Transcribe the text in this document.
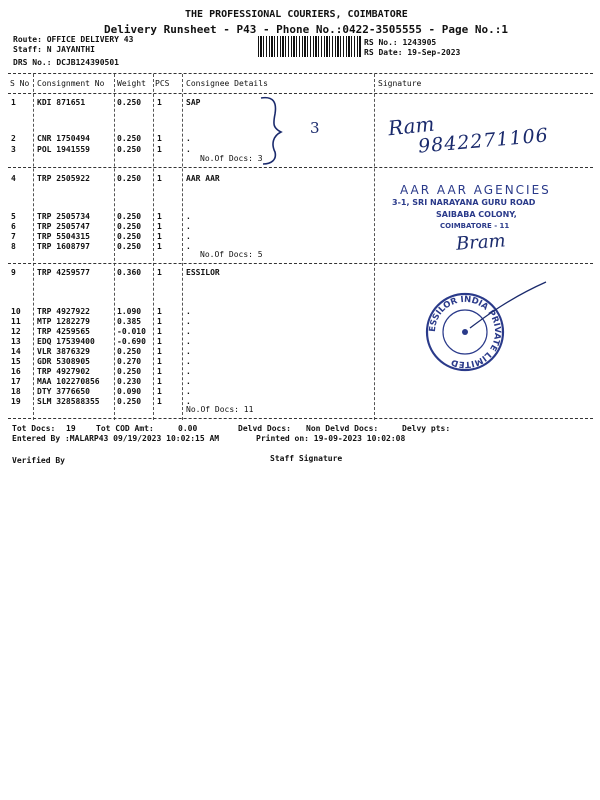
THE PROFESSIONAL COURIERS, COIMBATORE
Delivery Runsheet - P43 - Phone No.:0422-3505555 - Page No.:1
Route: OFFICE DELIVERY 43
Staff: N JAYANTHI
DRS No.: DCJB124390501
RS No.: 1243905
RS Date: 19-Sep-2023
S No Consignment No Weight PCS Consignee Details	Signature
1	KDI 871651	0.250 1	SAP
2	CNR 1750494	0.250 1	.
3	POL 1941559	0.250 1	.
4	TRP 2505922	0.250 1	AAR AAR
5	TRP 2505734	0.250 1	.
6	TRP 2505747	0.250 1	.
7	TRP 5504315	0.250 1	.
8	TRP 1608797	0.250 1	.
9	TRP 4259577	0.360 1	ESSILOR
10 TRP 4927922	1.090 1	.
11 MTP 1282279	0.385 1	.
12 TRP 4259565	-0.010 1	.
13 EDQ 17539400	-0.690 1	.
14 VLR 3876329	0.250 1	.
15 GDR 5308905	0.270 1	.
16 TRP 4927902	0.250 1	.
17 MAA 102270856 0.230 1	.
18 DTY 3776650	0.090 1	.
19 SLM 328588355 0.250 1	.
No.Of Docs: 3
No.Of Docs: 5
No.Of Docs: 11
Tot Docs: 19	Tot COD Amt:	0.00	Delvd Docs: Non Delvd Docs:	Delvy pts:
Entered By :MALARP43 09/19/2023 10:02:15 AM	Printed on: 19-09-2023 10:02:08
Verified By	Staff Signature
3	Ram
9842271106
AAR AAR AGENCIES
3-1, SRI NARAYANA GURU ROAD
SAIBABA COLONY,
COIMBATORE - 11
Bram
ESSILOR INDIA PRIVATE LIMITED
